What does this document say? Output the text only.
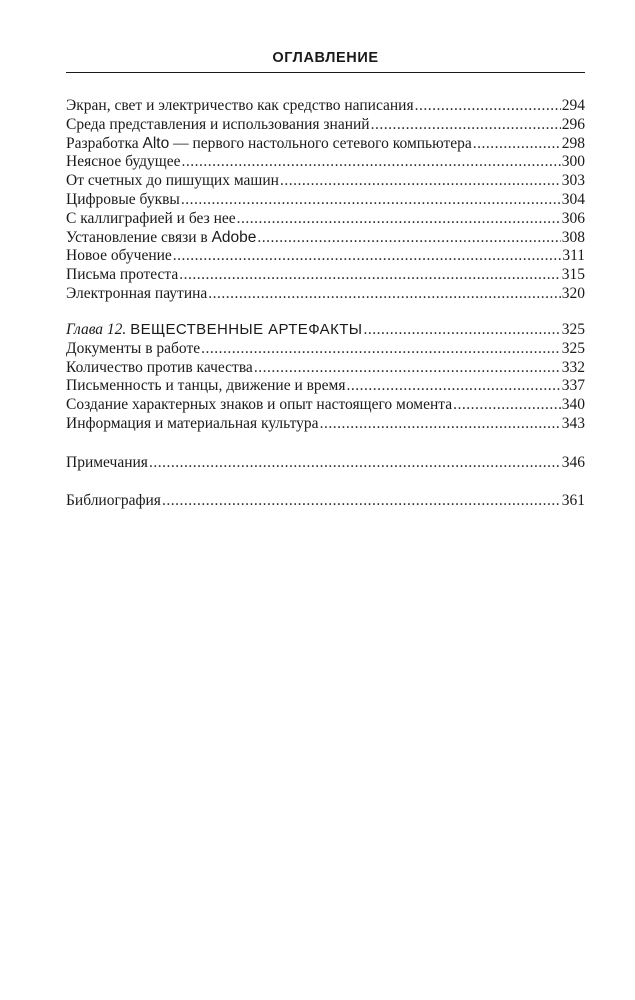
ОГЛАВЛЕНИЕ
Экран, свет и электричество как средство написания .....	294
Среда представления и использования знаний .....	296
Разработка Alto — первого настольного сетевого компьютера .....	298
Неясное будущее .....	300
От счетных до пишущих машин .....	303
Цифровые буквы .....	304
С каллиграфией и без нее .....	306
Установление связи в Adobe .....	308
Новое обучение .....	311
Письма протеста .....	315
Электронная паутина .....	320
Глава 12. ВЕЩЕСТВЕННЫЕ АРТЕФАКТЫ .....	325
Документы в работе .....	325
Количество против качества .....	332
Письменность и танцы, движение и время .....	337
Создание характерных знаков и опыт настоящего момента .....	340
Информация и материальная культура .....	343
Примечания .....	346
Библиография .....	361
